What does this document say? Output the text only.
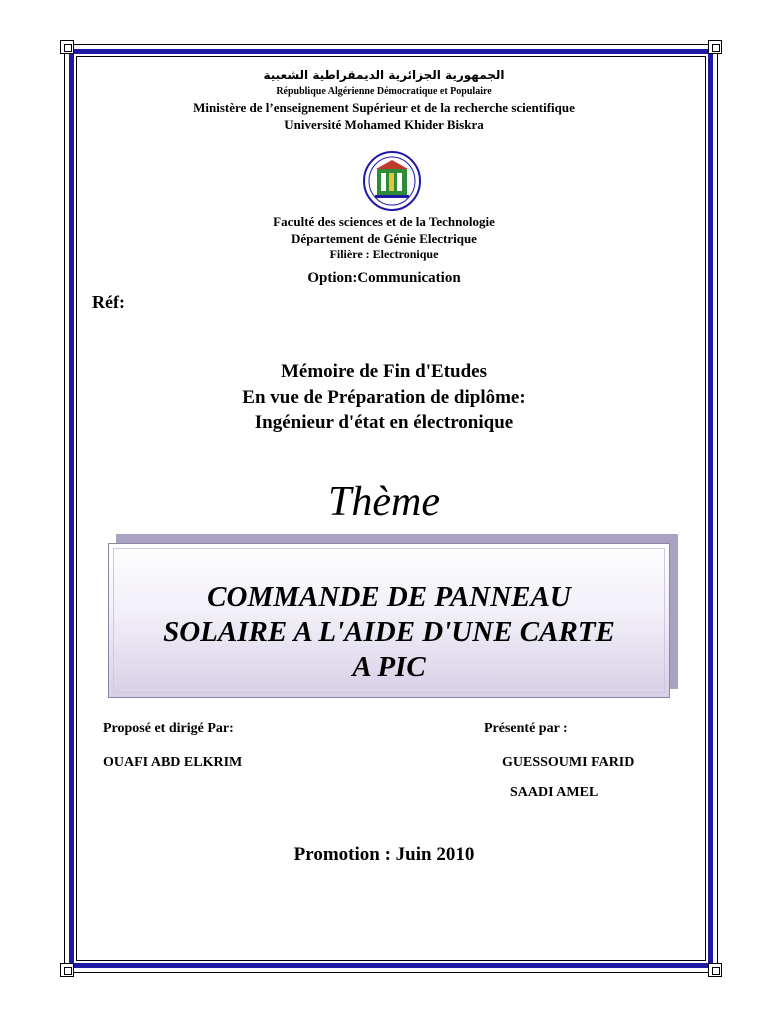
الجمهورية الجزائرية الديمقراطية الشعبية
République Algérienne Démocratique et Populaire
Ministère de l’enseignement Supérieur et de la recherche scientifique
Université Mohamed Khider Biskra
Faculté des sciences et de la Technologie
Département de Génie Electrique
Filière : Electronique
Option:Communication
Réf:
Mémoire de Fin d'Etudes
En vue de Préparation de diplôme:
Ingénieur d'état en électronique
Thème
COMMANDE DE PANNEAU
SOLAIRE A L'AIDE D'UNE CARTE
A PIC
Proposé et dirigé Par:	Présenté par :
OUAFI ABD ELKRIM	GUESSOUMI FARID
SAADI AMEL
Promotion : Juin 2010
